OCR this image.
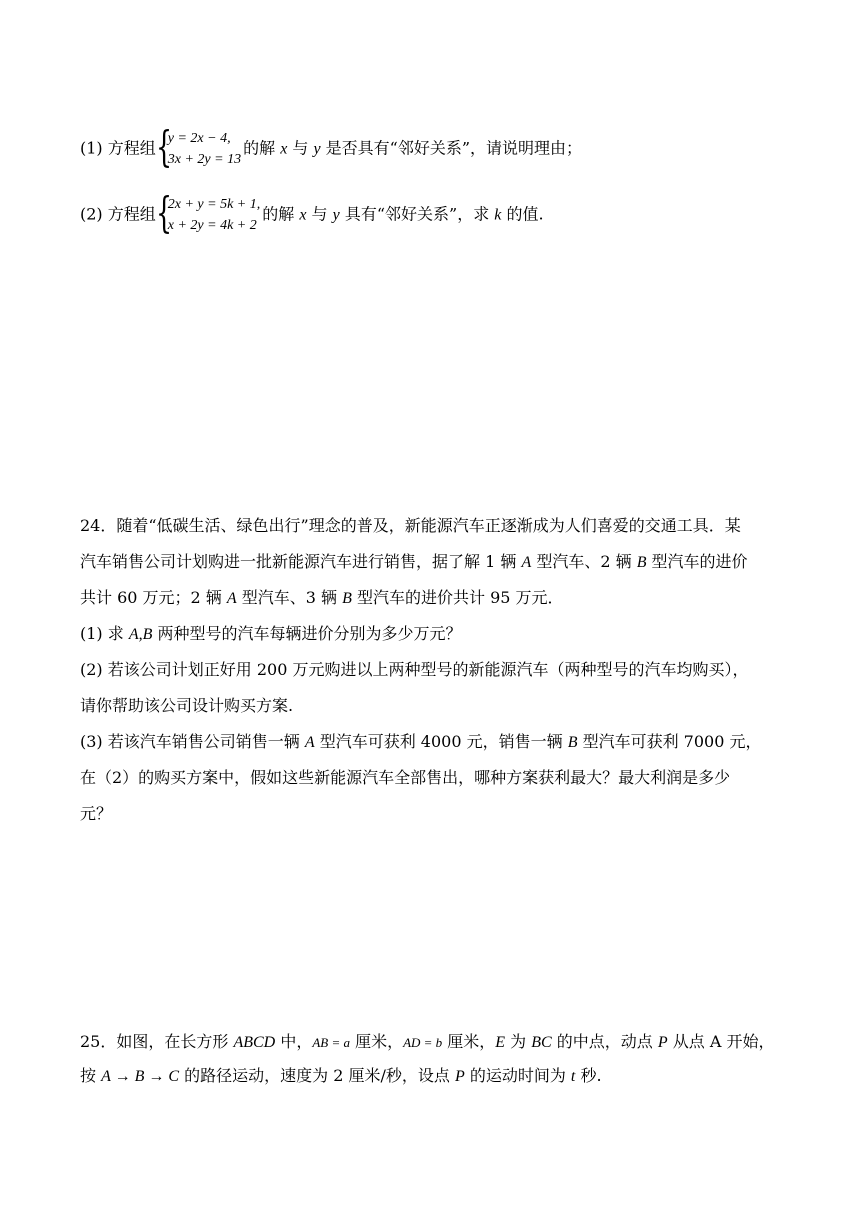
(1) 方程组 {
y = 2x − 4,
3x + 2y = 13
的解 x 与 y 是否具有“邻好关系”，请说明理由；
(2) 方程组 {
2x + y = 5k + 1,
x + 2y = 4k + 2
的解 x 与 y 具有“邻好关系”，求 k 的值.
24．随着“低碳生活、绿色出行”理念的普及，新能源汽车正逐渐成为人们喜爱的交通工具．某
汽车销售公司计划购进一批新能源汽车进行销售，据了解 1 辆 A 型汽车、2 辆 B 型汽车的进价
共计 60 万元；2 辆 A 型汽车、3 辆 B 型汽车的进价共计 95 万元．
(1) 求 A,B 两种型号的汽车每辆进价分别为多少万元？
(2) 若该公司计划正好用 200 万元购进以上两种型号的新能源汽车（两种型号的汽车均购买），
请你帮助该公司设计购买方案.
(3) 若该汽车销售公司销售一辆 A 型汽车可获利 4000 元，销售一辆 B 型汽车可获利 7000 元，
在（2）的购买方案中，假如这些新能源汽车全部售出，哪种方案获利最大？最大利润是多少
元？
25．如图，在长方形 ABCD 中，AB = a 厘米，AD = b 厘米，E 为 BC 的中点，动点 P 从点 A 开始，
按 A → B → C 的路径运动，速度为 2 厘米/秒，设点 P 的运动时间为 t 秒.
